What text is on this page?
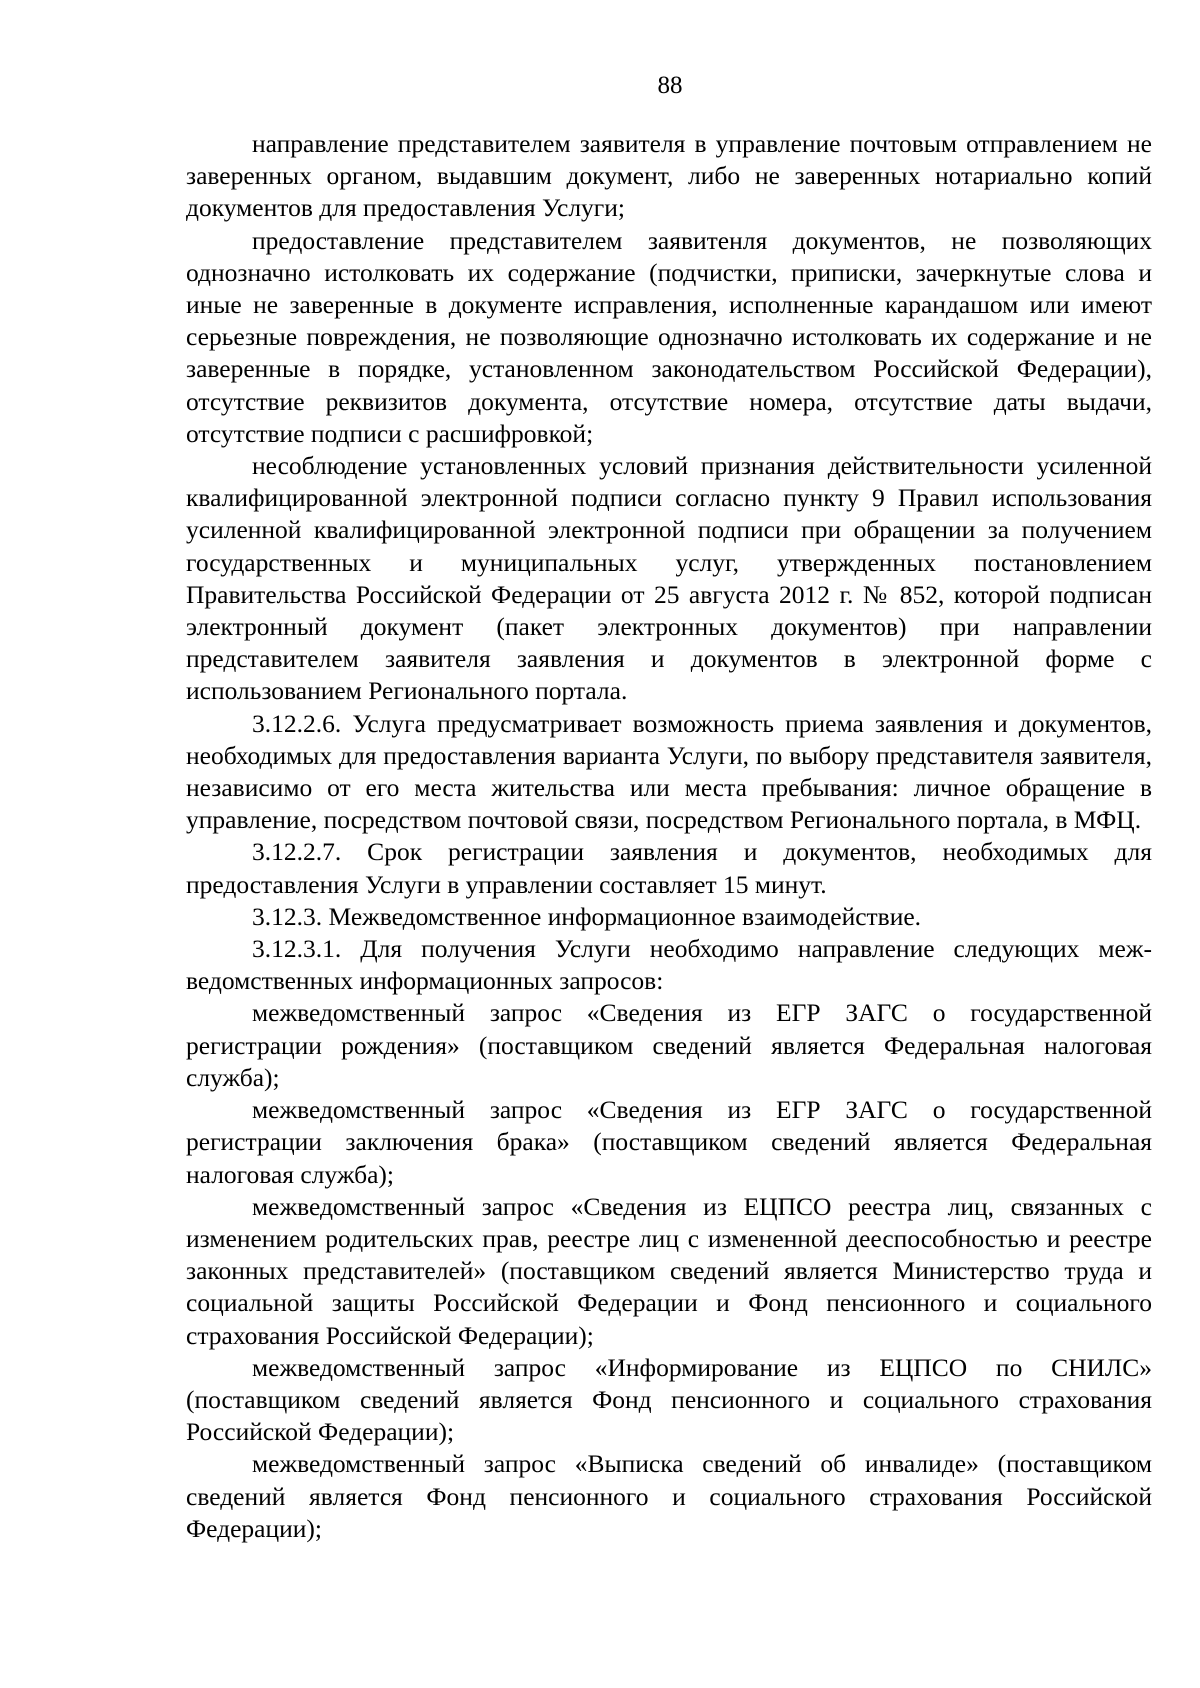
88

направление представителем заявителя в управление почтовым отправлением не заверенных органом, выдавшим документ, либо не заверенных нотариально копий документов для предоставления Услуги;

предоставление представителем заявитенля документов, не позволяющих однозначно истолковать их содержание (подчистки, приписки, зачеркнутые слова и иные не заверенные в документе исправления, исполненные карандашом или имеют серьезные повреждения, не позволяющие однозначно истолковать их содержание и не заверенные в порядке, установленном законодательством Российской Федерации), отсутствие реквизитов документа, отсутствие номера, отсутствие даты выдачи, отсутствие подписи с расшифровкой;

несоблюдение установленных условий признания действительности усиленной квалифицированной электронной подписи согласно пункту 9 Правил использования усиленной квалифицированной электронной подписи при обращении за получением государственных и муниципальных услуг, утвержденных постановлением Правительства Российской Федерации от 25 августа 2012 г. № 852, которой подписан электронный документ (пакет электронных документов) при направлении представителем заявителя заявления и документов в электронной форме с использованием Регионального портала.

3.12.2.6. Услуга предусматривает возможность приема заявления и документов, необходимых для предоставления варианта Услуги, по выбору представителя заявителя, независимо от его места жительства или места пребывания: личное обращение в управление, посредством почтовой связи, посредством Регионального портала, в МФЦ.

3.12.2.7. Срок регистрации заявления и документов, необходимых для предоставления Услуги в управлении составляет 15 минут.

3.12.3. Межведомственное информационное взаимодействие.

3.12.3.1. Для получения Услуги необходимо направление следующих межведомственных информационных запросов:

межведомственный запрос «Сведения из ЕГР ЗАГС о государственной регистрации рождения» (поставщиком сведений является Федеральная налоговая служба);

межведомственный запрос «Сведения из ЕГР ЗАГС о государственной регистрации заключения брака» (поставщиком сведений является Федеральная налоговая служба);

межведомственный запрос «Сведения из ЕЦПСО реестра лиц, связанных с изменением родительских прав, реестре лиц с измененной дееспособностью и реестре законных представителей» (поставщиком сведений является Министерство труда и социальной защиты Российской Федерации и Фонд пенсионного и социального страхования Российской Федерации);

межведомственный запрос «Информирование из ЕЦПСО по СНИЛС» (поставщиком сведений является Фонд пенсионного и социального страхования Российской Федерации);

межведомственный запрос «Выписка сведений об инвалиде» (поставщиком сведений является Фонд пенсионного и социального страхования Российской Федерации);
